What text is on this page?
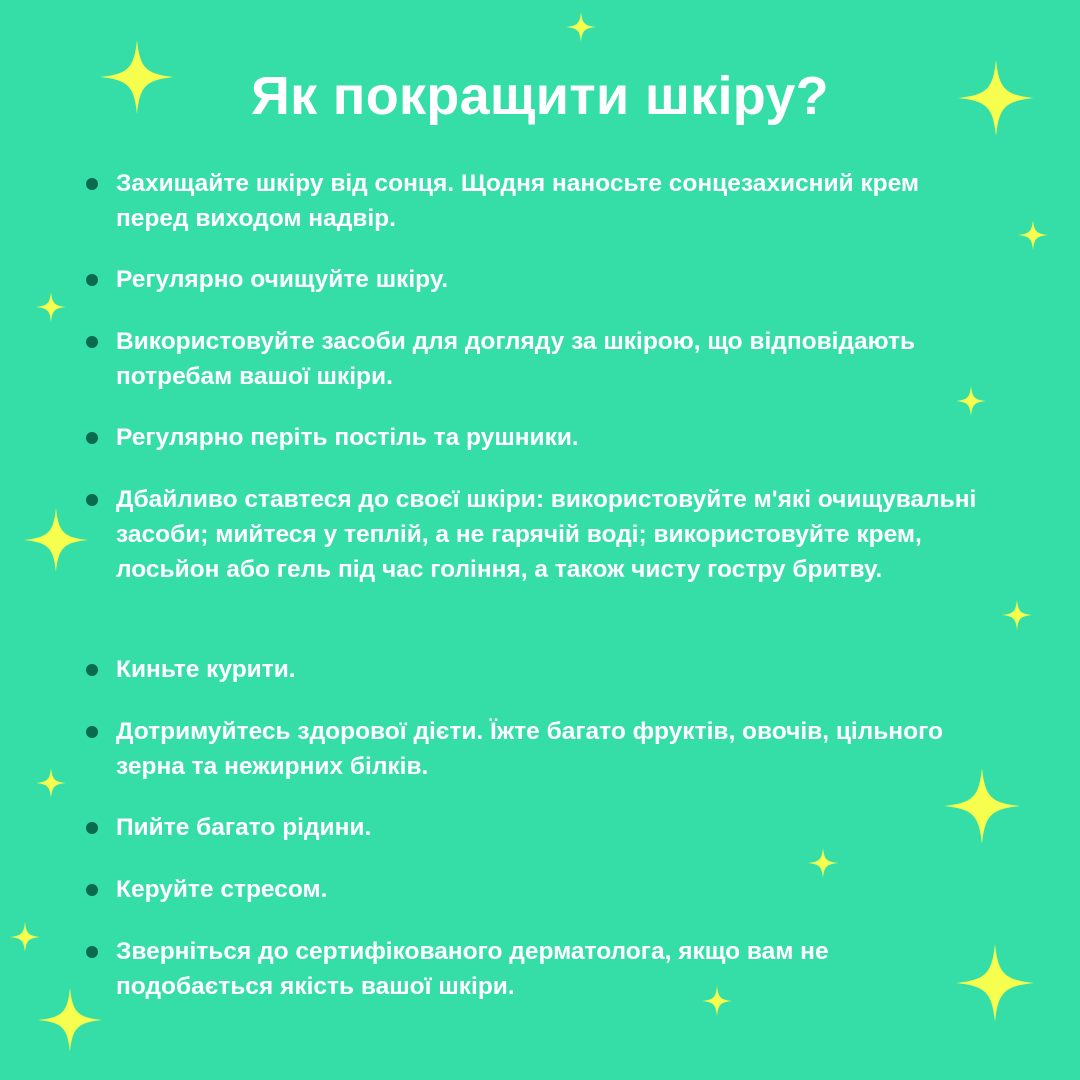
Як покращити шкіру?
Захищайте шкіру від сонця. Щодня наносьте сонцезахисний крем перед виходом надвір.
Регулярно очищуйте шкіру.
Використовуйте засоби для догляду за шкірою, що відповідають потребам вашої шкіри.
Регулярно періть постіль та рушники.
Дбайливо ставтеся до своєї шкіри: використовуйте м'які очищувальні засоби; мийтеся у теплій, а не гарячій воді; використовуйте крем, лосьйон або гель під час гоління, а також чисту гостру бритву.
Киньте курити.
Дотримуйтесь здорової дієти. Їжте багато фруктів, овочів, цільного зерна та нежирних білків.
Пийте багато рідини.
Керуйте стресом.
Зверніться до сертифікованого дерматолога, якщо вам не подобається якість вашої шкіри.
